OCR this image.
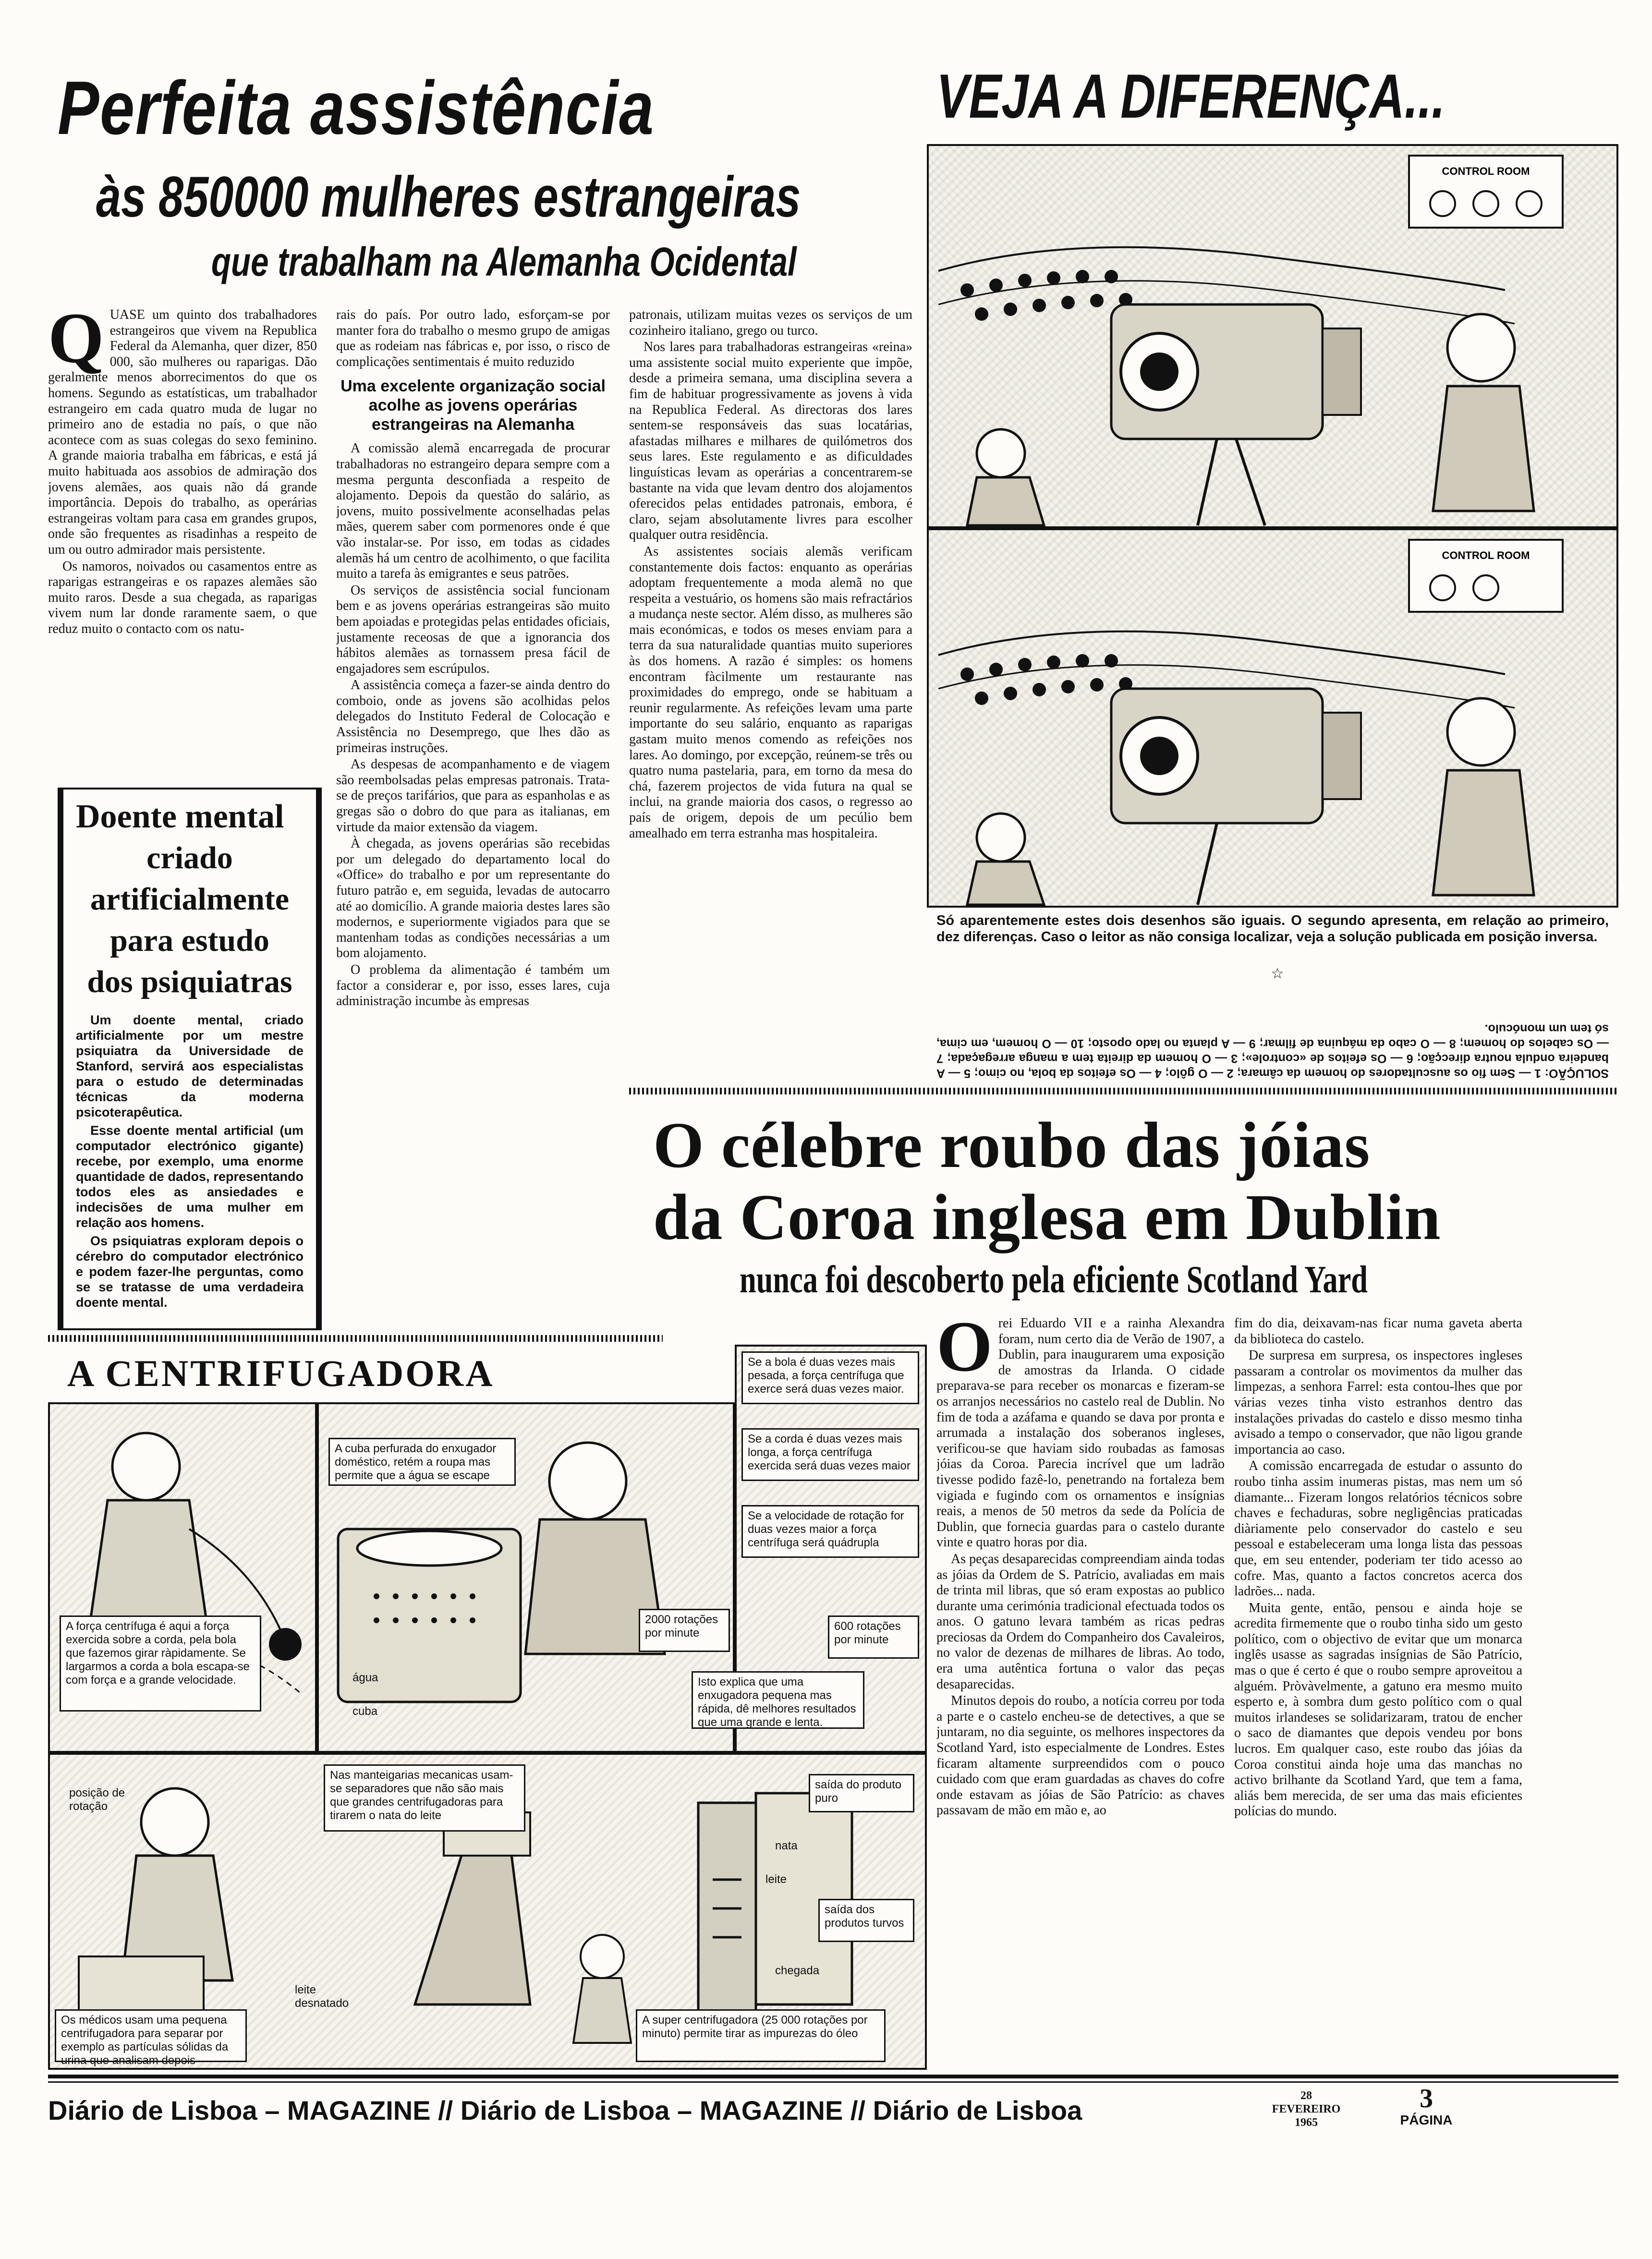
Perfeita assistência
às 850000 mulheres estrangeiras
que trabalham na Alemanha Ocidental
VEJA A DIFERENÇA...
CONTROL ROOM
CONTROL ROOM
Só aparentemente estes dois desenhos são iguais. O segundo apresenta, em relação ao primeiro, dez diferenças. Caso o leitor as não consiga localizar, veja a solução publicada em posição inversa.
☆
SOLUÇÃO: 1 — Sem fio os auscultadores do homem da câmara; 2 — O gôlo; 4 — Os efeitos da bola, no cimo; 5 — A bandeira ondula noutra direcção; 6 — Os efeitos de «controle»; 3 — O homem da direita tem a manga arregaçada; 7 — Os cabelos do homem; 8 — O cabo da máquina de filmar; 9 — A planta no lado oposto; 10 — O homem, em cima, só tem um monóculo.
Q UASE um quinto dos trabalhadores estrangeiros que vivem na Republica Federal da Alemanha, quer dizer, 850 000, são mulheres ou raparigas. Dão geralmente menos aborrecimentos do que os homens. Segundo as estatísticas, um trabalhador estrangeiro em cada quatro muda de lugar no primeiro ano de estadia no país, o que não acontece com as suas colegas do sexo feminino. A grande maioria trabalha em fábricas, e está já muito habituada aos assobios de admiração dos jovens alemães, aos quais não dá grande importância. Depois do trabalho, as operárias estrangeiras voltam para casa em grandes grupos, onde são frequentes as risadinhas a respeito de um ou outro admirador mais persistente.

Os namoros, noivados ou casamentos entre as raparigas estrangeiras e os rapazes alemães são muito raros. Desde a sua chegada, as raparigas vivem num lar donde raramente saem, o que reduz muito o contacto com os natu-

rais do país. Por outro lado, esforçam-se por manter fora do trabalho o mesmo grupo de amigas que as rodeiam nas fábricas e, por isso, o risco de complicações sentimentais é muito reduzido

Uma excelente organização social acolhe as jovens operárias estrangeiras na Alemanha

A comissão alemã encarregada de procurar trabalhadoras no estrangeiro depara sempre com a mesma pergunta desconfiada a respeito de alojamento. Depois da questão do salário, as jovens, muito possivelmente aconselhadas pelas mães, querem saber com pormenores onde é que vão instalar-se. Por isso, em todas as cidades alemãs há um centro de acolhimento, o que facilita muito a tarefa às emigrantes e seus patrões.

Os serviços de assistência social funcionam bem e as jovens operárias estrangeiras são muito bem apoiadas e protegidas pelas entidades oficiais, justamente receosas de que a ignorancia dos hábitos alemães as tornassem presa fácil de engajadores sem escrúpulos.

A assistência começa a fazer-se ainda dentro do comboio, onde as jovens são acolhidas pelos delegados do Instituto Federal de Colocação e Assistência no Desemprego, que lhes dão as primeiras instruções.

As despesas de acompanhamento e de viagem são reembolsadas pelas empresas patronais. Trata-se de preços tarifários, que para as espanholas e as gregas são o dobro do que para as italianas, em virtude da maior extensão da viagem.

À chegada, as jovens operárias são recebidas por um delegado do departamento local do «Office» do trabalho e por um representante do futuro patrão e, em seguida, levadas de autocarro até ao domicílio. A grande maioria destes lares são modernos, e superiormente vigiados para que se mantenham todas as condições necessárias a um bom alojamento.

O problema da alimentação é também um factor a considerar e, por isso, esses lares, cuja administração incumbe às empresas

patronais, utilizam muitas vezes os serviços de um cozinheiro italiano, grego ou turco.

Nos lares para trabalhadoras estrangeiras «reina» uma assistente social muito experiente que impõe, desde a primeira semana, uma disciplina severa a fim de habituar progressivamente as jovens à vida na Republica Federal. As directoras dos lares sentem-se responsáveis das suas locatárias, afastadas milhares e milhares de quilómetros dos seus lares. Este regulamento e as dificuldades linguísticas levam as operárias a concentrarem-se bastante na vida que levam dentro dos alojamentos oferecidos pelas entidades patronais, embora, é claro, sejam absolutamente livres para escolher qualquer outra residência.

As assistentes sociais alemãs verificam constantemente dois factos: enquanto as operárias adoptam frequentemente a moda alemã no que respeita a vestuário, os homens são mais refractários a mudança neste sector. Além disso, as mulheres são mais económicas, e todos os meses enviam para a terra da sua naturalidade quantias muito superiores às dos homens. A razão é simples: os homens encontram fàcilmente um restaurante nas proximidades do emprego, onde se habituam a reunir regularmente. As refeições levam uma parte importante do seu salário, enquanto as raparigas gastam muito menos comendo as refeições nos lares. Ao domingo, por excepção, reúnem-se três ou quatro numa pastelaria, para, em torno da mesa do chá, fazerem projectos de vida futura na qual se inclui, na grande maioria dos casos, o regresso ao país de origem, depois de um pecúlio bem amealhado em terra estranha mas hospitaleira.

Doente mental
criado
artificialmente
para estudo
dos psiquiatras

Um doente mental, criado artificialmente por um mestre psiquiatra da Universidade de Stanford, servirá aos especialistas para o estudo de determinadas técnicas da moderna psicoterapêutica.

Esse doente mental artificial (um computador electrónico gigante) recebe, por exemplo, uma enorme quantidade de dados, representando todos eles as ansiedades e indecisões de uma mulher em relação aos homens.

Os psiquiatras exploram depois o cérebro do computador electrónico e podem fazer-lhe perguntas, como se se tratasse de uma verdadeira doente mental.

O célebre roubo das jóias
da Coroa inglesa em Dublin
nunca foi descoberto pela eficiente Scotland Yard
O rei Eduardo VII e a rainha Alexandra foram, num certo dia de Verão de 1907, a Dublin, para inaugurarem uma exposição de amostras da Irlanda. O cidade preparava-se para receber os monarcas e fizeram-se os arranjos necessários no castelo real de Dublin. No fim de toda a azáfama e quando se dava por pronta e arrumada a instalação dos soberanos ingleses, verificou-se que haviam sido roubadas as famosas jóias da Coroa. Parecia incrível que um ladrão tivesse podido fazê-lo, penetrando na fortaleza bem vigiada e fugindo com os ornamentos e insígnias reais, a menos de 50 metros da sede da Polícia de Dublin, que fornecia guardas para o castelo durante vinte e quatro horas por dia.

As peças desaparecidas compreendiam ainda todas as jóias da Ordem de S. Patrício, avaliadas em mais de trinta mil libras, que só eram expostas ao publico durante uma cerimónia tradicional efectuada todos os anos. O gatuno levara também as ricas pedras preciosas da Ordem do Companheiro dos Cavaleiros, no valor de dezenas de milhares de libras. Ao todo, era uma autêntica fortuna o valor das peças desaparecidas.

Minutos depois do roubo, a notícia correu por toda a parte e o castelo encheu-se de detectives, a que se juntaram, no dia seguinte, os melhores inspectores da Scotland Yard, isto especialmente de Londres. Estes ficaram altamente surpreendidos com o pouco cuidado com que eram guardadas as chaves do cofre onde estavam as jóias de São Patrício: as chaves passavam de mão em mão e, ao

fim do dia, deixavam-nas ficar numa gaveta aberta da biblioteca do castelo.

De surpresa em surpresa, os inspectores ingleses passaram a controlar os movimentos da mulher das limpezas, a senhora Farrel: esta contou-lhes que por várias vezes tinha visto estranhos dentro das instalações privadas do castelo e disso mesmo tinha avisado a tempo o conservador, que não ligou grande importancia ao caso.

A comissão encarregada de estudar o assunto do roubo tinha assim inumeras pistas, mas nem um só diamante... Fizeram longos relatórios técnicos sobre chaves e fechaduras, sobre negligências praticadas diàriamente pelo conservador do castelo e seu pessoal e estabeleceram uma longa lista das pessoas que, em seu entender, poderiam ter tido acesso ao cofre. Mas, quanto a factos concretos acerca dos ladrões... nada.

Muita gente, então, pensou e ainda hoje se acredita firmemente que o roubo tinha sido um gesto político, com o objectivo de evitar que um monarca inglês usasse as sagradas insígnias de São Patrício, mas o que é certo é que o roubo sempre aproveitou a alguém. Pròvàvelmente, a gatuno era mesmo muito esperto e, à sombra dum gesto político com o qual muitos irlandeses se solidarizaram, tratou de encher o saco de diamantes que depois vendeu por bons lucros. Em qualquer caso, este roubo das jóias da Coroa constitui ainda hoje uma das manchas no activo brilhante da Scotland Yard, que tem a fama, aliás bem merecida, de ser uma das mais eficientes polícias do mundo.

A CENTRIFUGADORA
A força centrífuga é aqui a força exercida sobre a corda, pela bola que fazemos girar ràpidamente. Se largarmos a corda a bola escapa-se com força e a grande velocidade.
A cuba perfurada do enxugador doméstico, retém a roupa mas permite que a água se escape
água
cuba
Se a bola é duas vezes mais pesada, a força centrífuga que exerce será duas vezes maior.
Se a corda é duas vezes mais longa, a força centrífuga exercida será duas vezes maior
Se a velocidade de rotação for duas vezes maior a força centrífuga será quádrupla
600 rotações por minute
2000 rotações por minute
Isto explica que uma enxugadora pequena mas rápida, dê melhores resultados que uma grande e lenta.
Nas manteigarias mecanicas usam-se separadores que não são mais que grandes centrifugadoras para tirarem o nata do leite
posição de rotação
saída do produto puro
saída dos produtos turvos
nata
leite
chegada
leite desnatado
Os médicos usam uma pequena centrifugadora para separar por exemplo as partículas sólidas da urina que analisam depois
A super centrifugadora (25 000 rotações por minuto) permite tirar as impurezas do óleo
Diário de Lisboa – MAGAZINE // Diário de Lisboa – MAGAZINE // Diário de Lisboa	28
FEVEREIRO
1965
3
PÁGINA
